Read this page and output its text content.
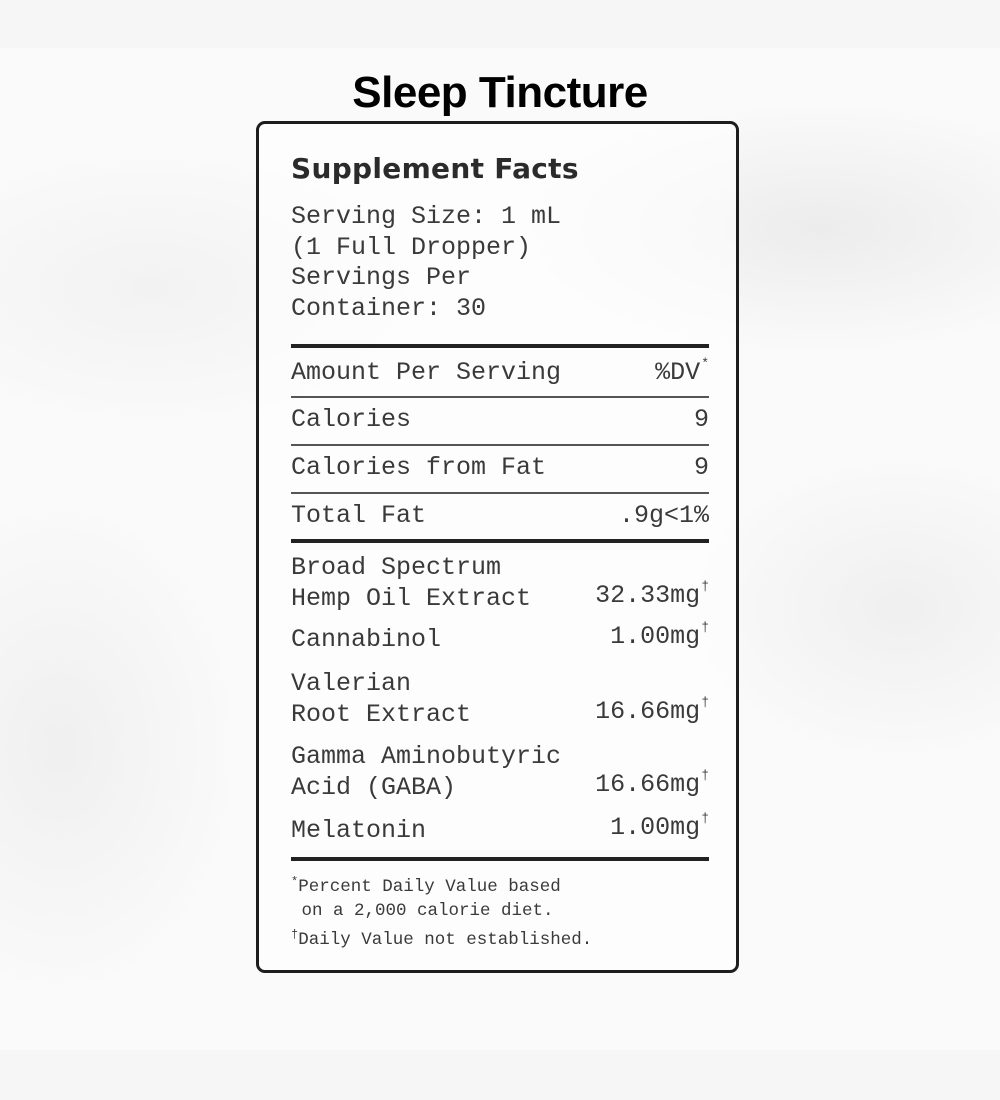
Sleep Tincture
Supplement Facts
Serving Size: 1 mL
(1 Full Dropper)
Servings Per
Container: 30
Amount Per Serving	%DV*
Calories	9
Calories from Fat	9
Total Fat	.9g<1%
Broad Spectrum
Hemp Oil Extract	32.33mg†
Cannabinol	1.00mg†
Valerian
Root Extract	16.66mg†
Gamma Aminobutyric
Acid (GABA)	16.66mg†
Melatonin	1.00mg†
*Percent Daily Value based
on a 2,000 calorie diet.
†Daily Value not established.
